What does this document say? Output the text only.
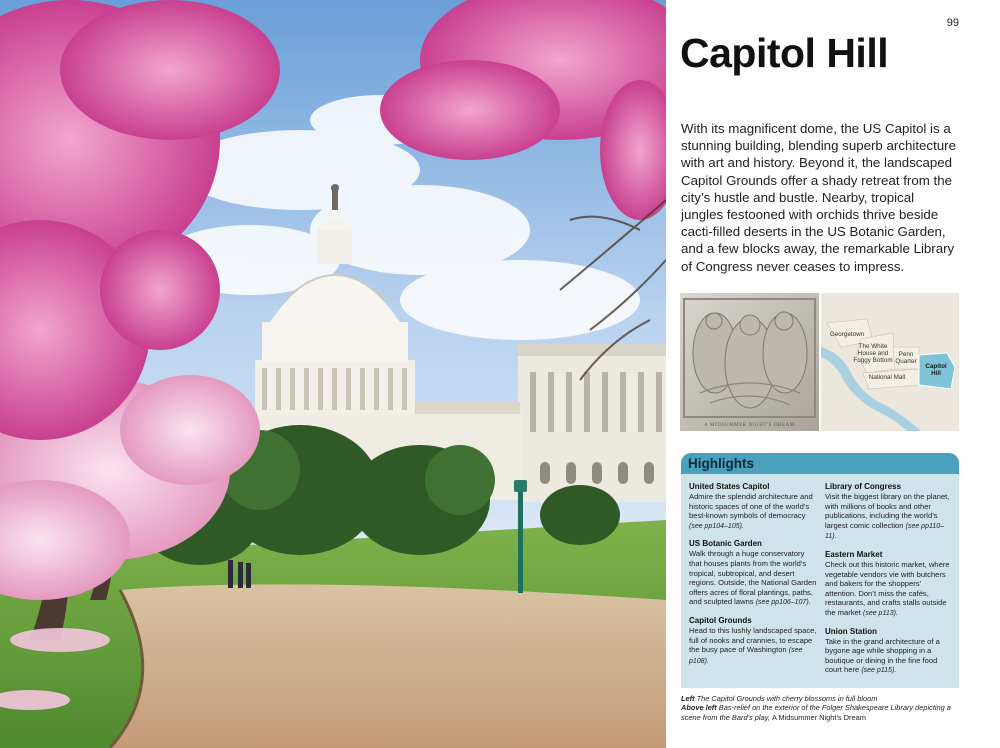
99
Capitol Hill

With its magnificent dome, the US Capitol is a stunning building, blending superb architecture with art and history. Beyond it, the landscaped Capitol Grounds offer a shady retreat from the city’s hustle and bustle. Nearby, tropical jungles festooned with orchids thrive beside cacti-filled deserts in the US Botanic Garden, and a few blocks away, the remarkable Library of Congress never ceases to impress.

A MIDSUMMER NIGHT'S DREAM
Georgetown
The White House and Foggy Bottom
Penn Quarter
National Mall
Capitol Hill
Highlights
United States Capitol
Admire the splendid architecture and historic spaces of one of the world’s best-known symbols of democracy (see pp104–105).
US Botanic Garden
Walk through a huge conservatory that houses plants from the world’s tropical, subtropical, and desert regions. Outside, the National Garden offers acres of floral plantings, paths, and sculpted lawns (see pp106–107).
Capitol Grounds
Head to this lushly landscaped space, full of nooks and crannies, to escape the busy pace of Washington (see p108).
Library of Congress
Visit the biggest library on the planet, with millions of books and other publications, including the world’s largest comic collection (see pp110–11).
Eastern Market
Check out this historic market, where vegetable vendors vie with butchers and bakers for the shoppers’ attention. Don’t miss the cafés, restaurants, and crafts stalls outside the market (see p113).
Union Station
Take in the grand architecture of a bygone age while shopping in a boutique or dining in the fine food court here (see p115).
Left The Capitol Grounds with cherry blossoms in full bloom
Above left Bas-relief on the exterior of the Folger Shakespeare Library depicting a scene from the Bard’s play, A Midsummer Night’s Dream
